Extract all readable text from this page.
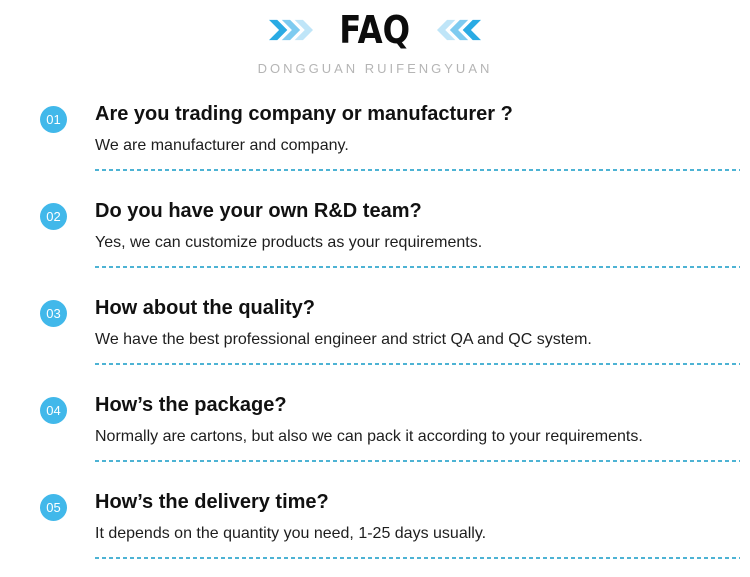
FAQ
DONGGUAN RUIFENGYUAN
01	Are you trading company or manufacturer ?

We are manufacturer and company.

02	Do you have your own R&D team?

Yes, we can customize products as your requirements.

03	How about the quality?

We have the best professional engineer and strict QA and QC system.

04	How’s the package?

Normally are cartons, but also we can pack it according to your requirements.

05	How’s the delivery time?

It depends on the quantity you need, 1-25 days usually.
